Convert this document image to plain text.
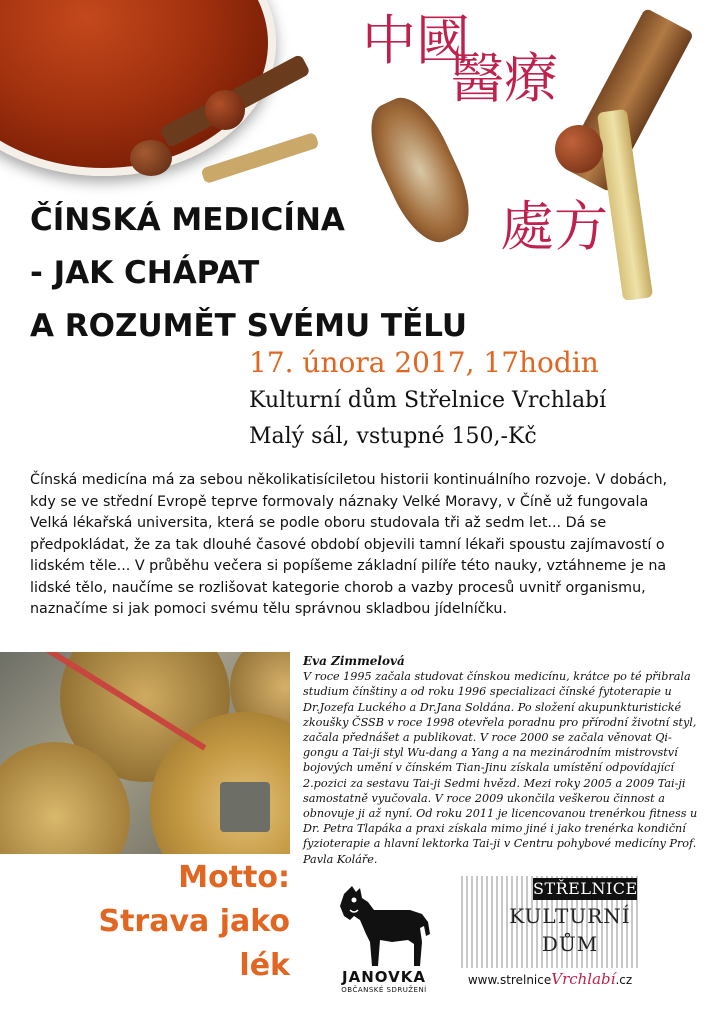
中國
醫療
處方
ČÍNSKÁ MEDICÍNA
- JAK CHÁPAT
A ROZUMĚT SVÉMU TĚLU
17. února 2017, 17hodin
Kulturní dům Střelnice Vrchlabí
Malý sál, vstupné 150,-Kč

Čínská medicína má za sebou několikatisíciletou historii kontinuálního rozvoje. V dobách, kdy se ve střední Evropě teprve formovaly náznaky Velké Moravy, v Číně už fungovala Velká lékařská universita, která se podle oboru studovala tři až sedm let... Dá se předpokládat, že za tak dlouhé časové období objevili tamní lékaři spoustu zajímavostí o lidském těle... V průběhu večera si popíšeme základní pilíře této nauky, vztáhneme je na lidské tělo, naučíme se rozlišovat kategorie chorob a vazby procesů uvnitř organismu, naznačíme si jak pomoci svému tělu správnou skladbou jídelníčku.

Eva Zimmelová
V roce 1995 začala studovat čínskou medicínu, krátce po té přibrala studium čínštiny a od roku 1996 specializaci čínské fytoterapie u Dr.Jozefa Luckého a Dr.Jana Soldána. Po složení akupunkturistické zkoušky ČSSB v roce 1998 otevřela poradnu pro přírodní životní styl, začala přednášet a publikovat. V roce 2000 se začala věnovat Qi-gongu a Tai-ji styl Wu-dang a Yang a na mezinárodním mistrovství bojových umění v čínském Tian-Jinu získala umístění odpovídající 2.pozici za sestavu Tai-ji Sedmi hvězd. Mezi roky 2005 a 2009 Tai-ji samostatně vyučovala. V roce 2009 ukončila veškerou činnost a obnovuje ji až nyní. Od roku 2011 je licencovanou trenérkou fitness u Dr. Petra Tlapáka a praxi získala mimo jiné i jako trenérka kondiční fyzioterapie a hlavní lektorka Tai-ji v Centru pohybové medicíny Prof. Pavla Koláře.
Motto:
Strava jako
lék	JANOVKA
OBČANSKÉ SDRUŽENÍ
STŘELNICE
KULTURNÍ
DŮM
www.strelniceVrchlabí.cz
